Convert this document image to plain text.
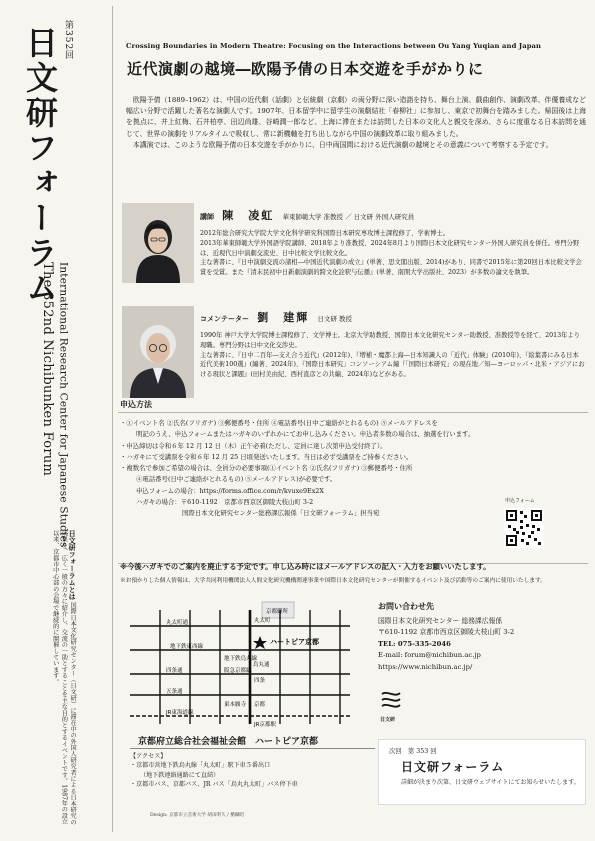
第352回
日文研フォーラム
International Research Center for Japanese Studies
The 352nd Nichibunken Forum
日文研フォーラムとは 国際日本文化研究センター（日文研）に滞在中の外国人研究者による日本研究の成果を、広く一般の方々に紹介し、交流の一助とすることを主な目的とするイベントです。1987年の設立以来、京都市中心部の会場で継続的に開催しています。
Crossing Boundaries in Modern Theatre: Focusing on the Interactions between Ou Yang Yuqian and Japan
近代演劇の越境―欧陽予倩の日本交遊を手がかりに

欧陽予倩（1889–1962）は、中国の近代劇（話劇）と伝統劇（京劇）の両分野に深い造詣を持ち、舞台上演、戯曲創作、演劇改革、伴優養成など幅広い分野で活躍した著名な演劇人です。1907年、日本留学中に留学生の演劇結社「春柳社」に参加し、東京で初舞台を踏みました。帰国後は上海を拠点に、井上紅梅、石井柏亭、田辺尚雄、谷崎潤一郎など、上海に滞在または訪問した日本の文化人と親交を深め、さらに度重なる日本訪問を通じて、世界の演劇をリアルタイムで吸収し、常に新機軸を打ち出しながら中国の演劇改革に取り組みました。

本講演では、このような欧陽予倩の日本交遊を手がかりに、日中両国間における近代演劇の越境とその意義について考察する予定です。

講師 陳　凌虹 華東師範大学 准教授 ／ 日文研 外国人研究員

2012年総合研究大学院大学文化科学研究科国際日本研究専攻博士課程修了、学術博士。

2013年華東師範大学外国語学院講師、2018年より准教授、2024年8月より国際日本文化研究センター外国人研究員を併任。専門分野は、近現代日中演劇交流史、日中比較文学比較文化。

主な著書に、『日中演劇交流の諸相―中国近代演劇の成立』(単著、思文閣出版、2014)があり、同書で2015年に第20回日本比較文学会賞を受賞。また『清末民初中日新劇演劇的跨文化詮釈与伝播』(単著、南開大学出版社、2023）が多数の論文を執筆。

コメンテーター 劉　建輝 日文研 教授

1990年 神戸大学大学院博士課程修了、文学博士。北京大学助教授、国際日本文化研究センター助教授、准教授等を経て、2013年より現職。専門分野は日中文化交渉史。

主な著書に、『日中二百年―支え合う近代』(2012年)、『増補・魔都上海―日本知識人の「近代」体験』(2010年)、『絵葉書にみる日本近代美術100選』(編著、2024年)、『国際日本研究」コンソーシアム編『「国際日本研究」の現在地／知―ヨーロッパ・北米・アジアにおける現状と課題』(田村美由紀、西村直彦との共編、2024年)などがある。

申込方法

・①イベント名 ②氏名(フリガナ) ③郵便番号・住所 ④電話番号(日中ご連絡がとれるもの) ⑤メールアドレスを

明記のうえ、申込フォームまたはハガキのいずれかにてお申し込みください。申込者多数の場合は、抽選を行います。

・申込締切は令和６年 12 月 12 日（木）正午必着(ただし、定員に達し次第申込受付終了）。

・ハガキにて受講票を令和６年 12 月 25 日頃発送いたします。当日は必ず受講票をご持参ください。

・複数名で参加ご希望の場合は、全員分の必要事項(①イベント名 ②氏名(フリガナ) ③郵便番号・住所

④電話番号(日中ご連絡がとれるもの) ⑤メールアドレス)が必要です。

申込フォームの場合：https://forms.office.com/r/kvuxe9Ex2X

ハガキの場合：〒610-1192　京都市西京区御陵大枝山町 3-2

国際日本文化研究センター総務課広報係「日文研フォーラム」担当宛

申込フォーム
※今後ハガキでのご案内を廃止する予定です。申し込み時にはメールアドレスの記入・入力をお願いいたします。
※お預かりした個人情報は、大学共同利用機関法人人間文化研究機構関連事業や国際日本文化研究センターが開催するイベント及び活動等のご案内に使用いたします。
ハートピア京都
京都御所
丸太町
丸太町通
烏丸通
地下鉄烏丸線
地下鉄東西線
四条通	阪急京都線
四条
五条通
JR東海道線
東本願寺 京都
JR京都駅
京都府立総合社会福祉会館　ハートピア京都

【アクセス】

・京都市営地下鉄烏丸線「丸太町」駅下車５番出口

（地下鉄連絡通路にて直結）

・京都市バス、京都バス、JR バス「烏丸丸太町」バス停下車

お問い合わせ先

国際日本文化研究センター 総務課広報係

〒610-1192 京都市西京区御陵大枝山町 3-2

TEL: 075-335-2046

E-mail: forum@nichibun.ac.jp

https://www.nichibun.ac.jp/

日文研
次回　第 353 回
日文研フォーラム
詳細が決まり次第、日文研ウェブサイトにてお知らせいたします。
Design: 京都市立芸術大学 胡田明久 / 楯綱昭
